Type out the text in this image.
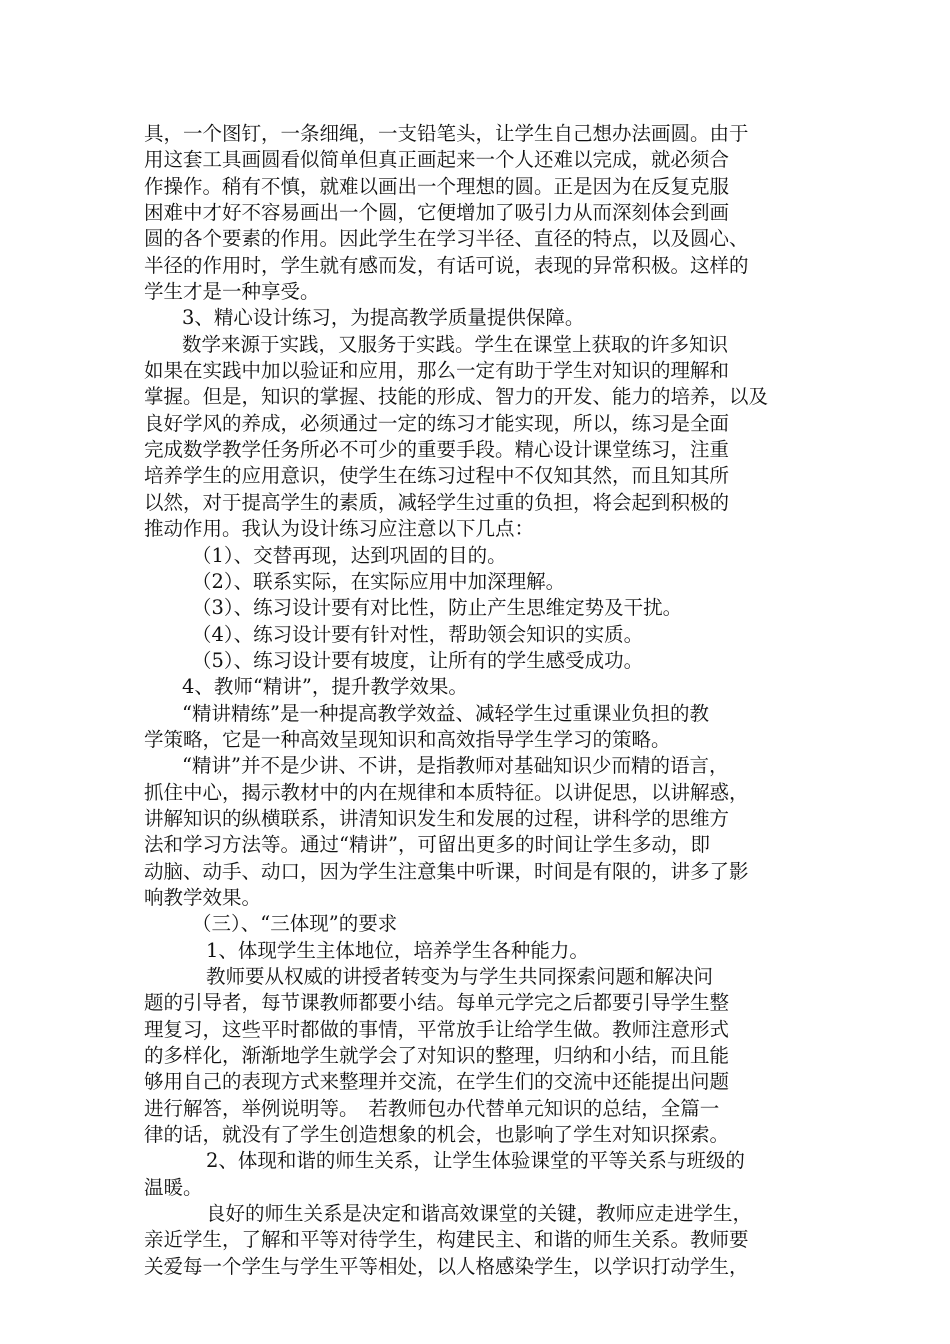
具，一个图钉，一条细绳，一支铅笔头，让学生自己想办法画圆。由于
用这套工具画圆看似简单但真正画起来一个人还难以完成，就必须合
作操作。稍有不慎，就难以画出一个理想的圆。正是因为在反复克服
困难中才好不容易画出一个圆，它便增加了吸引力从而深刻体会到画
圆的各个要素的作用。因此学生在学习半径、直径的特点，以及圆心、
半径的作用时，学生就有感而发，有话可说，表现的异常积极。这样的
学生才是一种享受。
3、精心设计练习，为提高教学质量提供保障。
数学来源于实践，又服务于实践。学生在课堂上获取的许多知识
如果在实践中加以验证和应用，那么一定有助于学生对知识的理解和
掌握。但是，知识的掌握、技能的形成、智力的开发、能力的培养，以及
良好学风的养成，必须通过一定的练习才能实现，所以，练习是全面
完成数学教学任务所必不可少的重要手段。精心设计课堂练习，注重
培养学生的应用意识，使学生在练习过程中不仅知其然，而且知其所
以然，对于提高学生的素质，减轻学生过重的负担，将会起到积极的
推动作用。我认为设计练习应注意以下几点：
（1）、交替再现，达到巩固的目的。
（2）、联系实际，在实际应用中加深理解。
（3）、练习设计要有对比性，防止产生思维定势及干扰。
（4）、练习设计要有针对性，帮助领会知识的实质。
（5）、练习设计要有坡度，让所有的学生感受成功。
4、教师“精讲”，提升教学效果。
“精讲精练”是一种提高教学效益、减轻学生过重课业负担的教
学策略，它是一种高效呈现知识和高效指导学生学习的策略。
“精讲”并不是少讲、不讲，是指教师对基础知识少而精的语言，
抓住中心，揭示教材中的内在规律和本质特征。以讲促思，以讲解惑，
讲解知识的纵横联系，讲清知识发生和发展的过程，讲科学的思维方
法和学习方法等。通过“精讲”，可留出更多的时间让学生多动，即
动脑、动手、动口，因为学生注意集中听课，时间是有限的，讲多了影
响教学效果。
（三）、“三体现”的要求
1、体现学生主体地位，培养学生各种能力。
教师要从权威的讲授者转变为与学生共同探索问题和解决问
题的引导者，每节课教师都要小结。每单元学完之后都要引导学生整
理复习，这些平时都做的事情，平常放手让给学生做。教师注意形式
的多样化，渐渐地学生就学会了对知识的整理，归纳和小结，而且能
够用自己的表现方式来整理并交流，在学生们的交流中还能提出问题
进行解答，举例说明等。　若教师包办代替单元知识的总结，全篇一
律的话，就没有了学生创造想象的机会，也影响了学生对知识探索。
2、体现和谐的师生关系，让学生体验课堂的平等关系与班级的
温暖。
良好的师生关系是决定和谐高效课堂的关键，教师应走进学生，
亲近学生，了解和平等对待学生，构建民主、和谐的师生关系。教师要
关爱每一个学生与学生平等相处，以人格感染学生，以学识打动学生，
